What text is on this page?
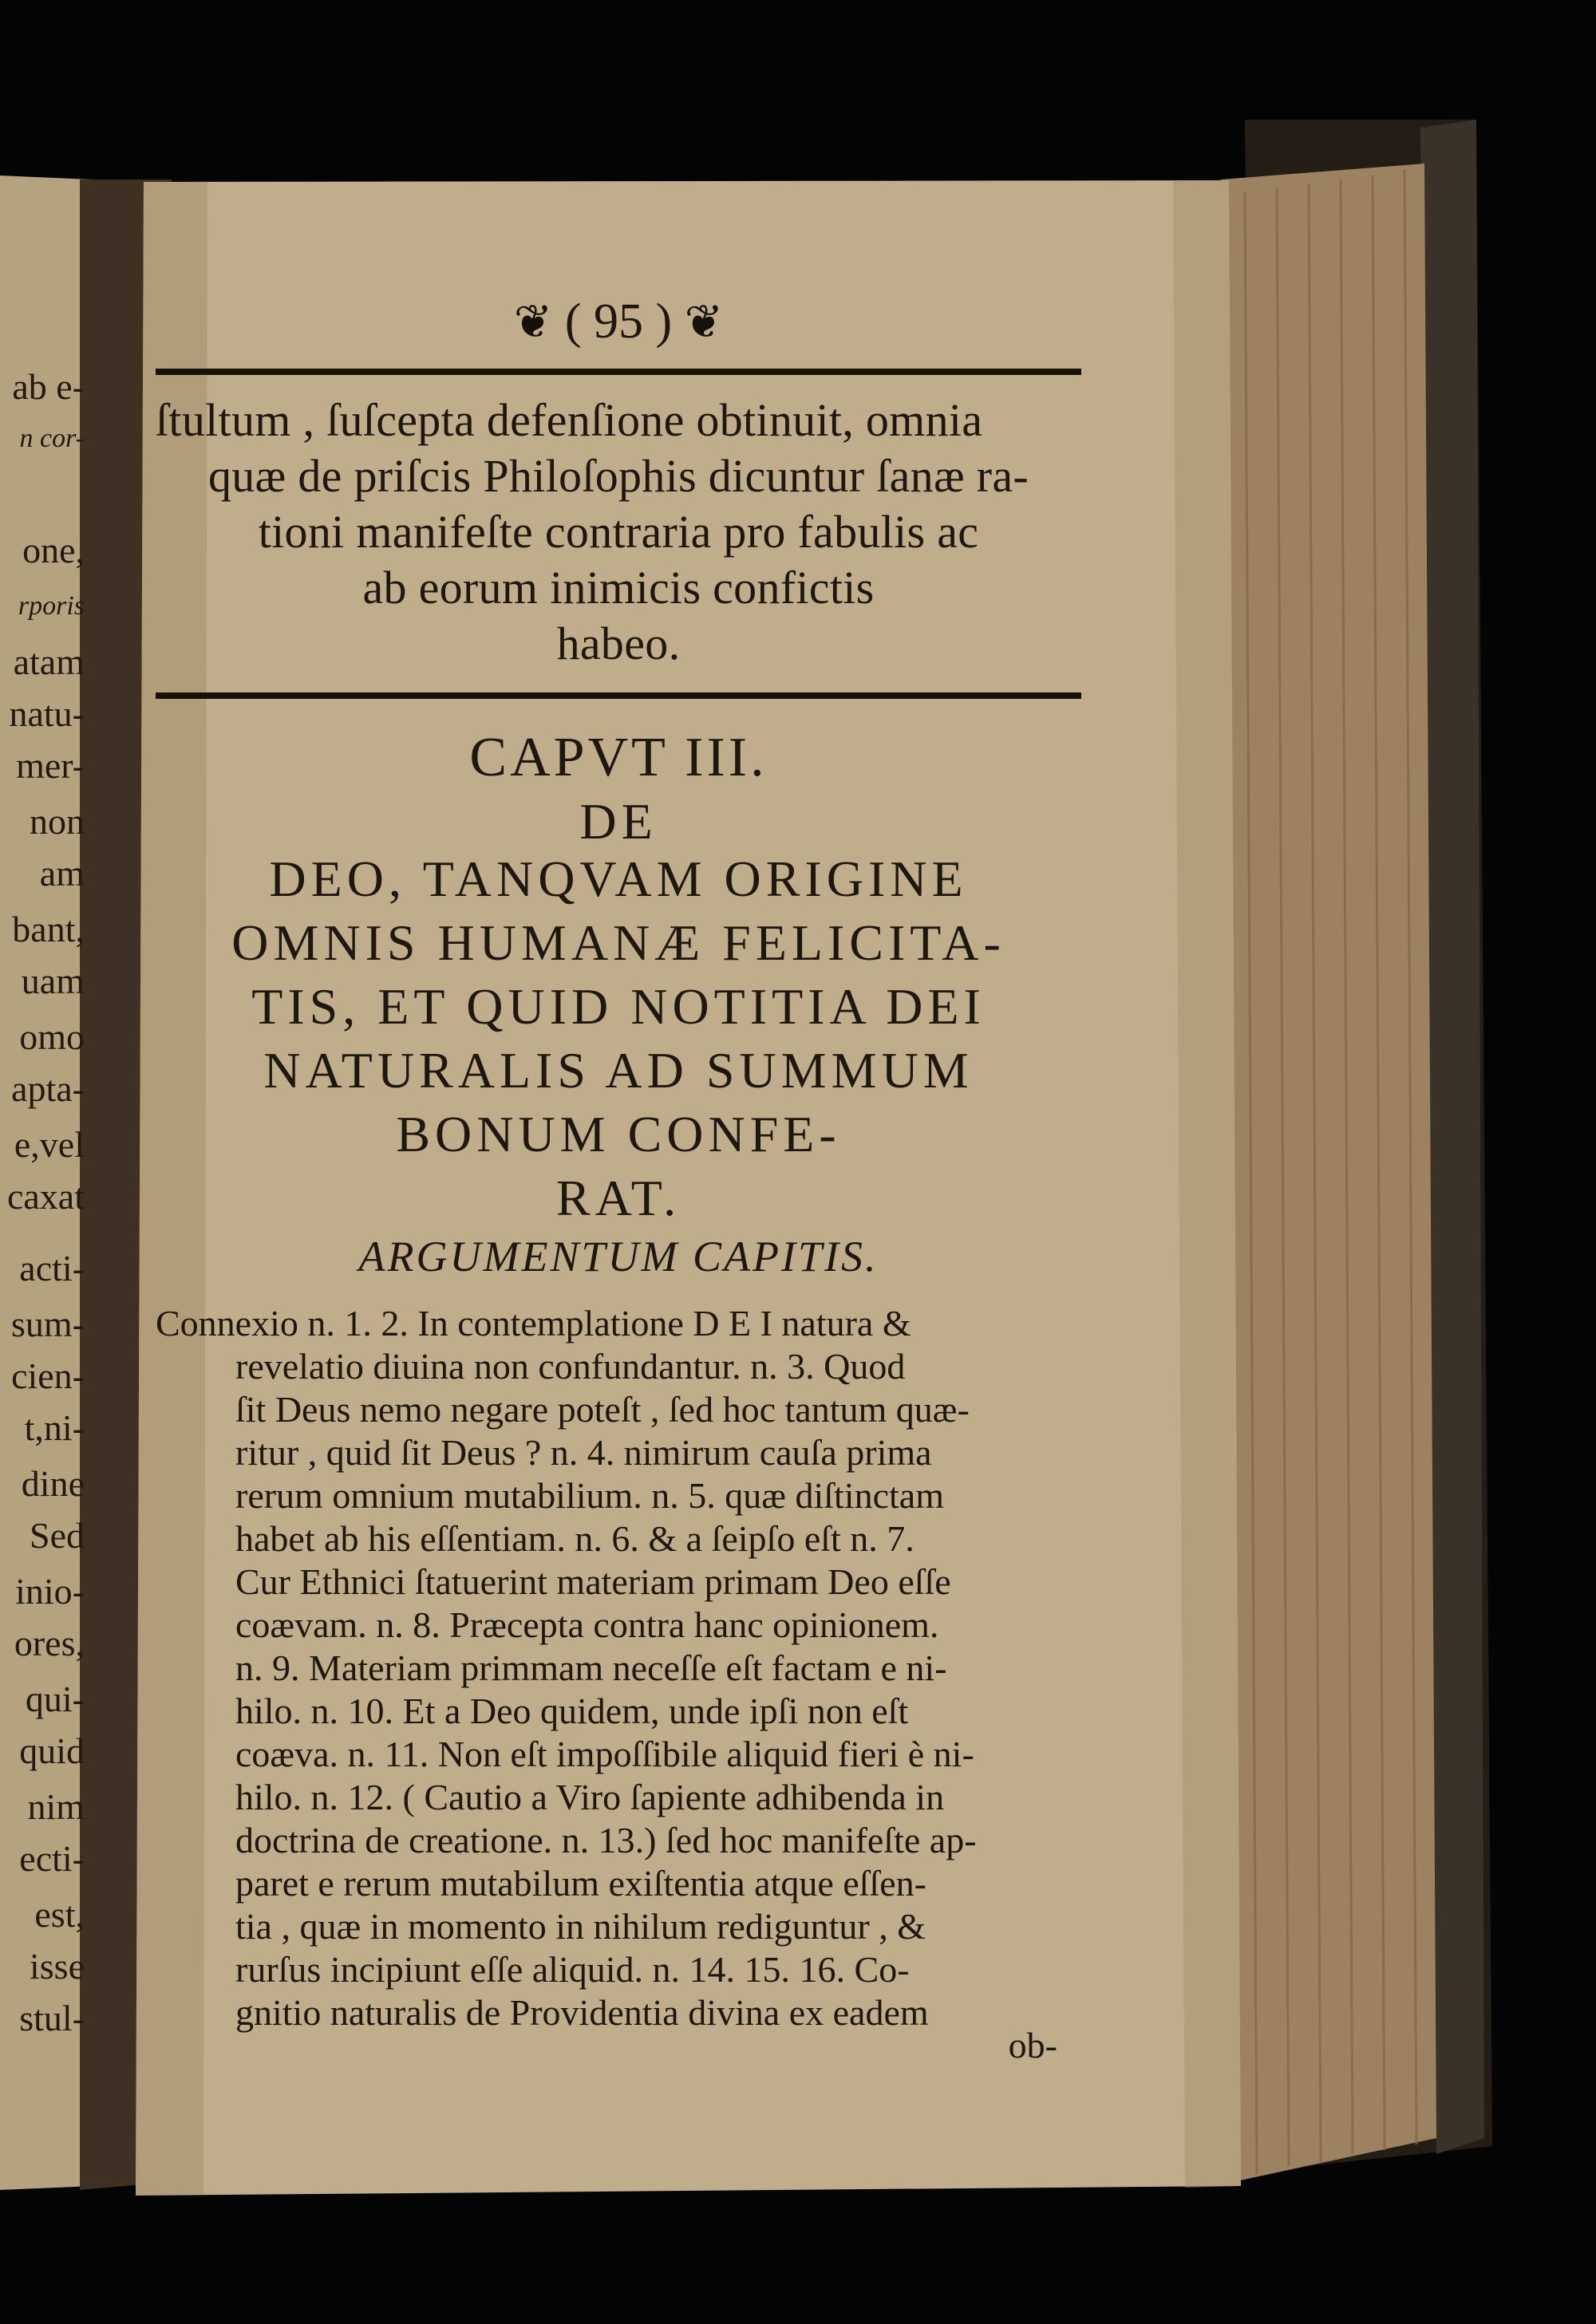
ab e-
n cor-
one,
rporis
atam
natu-
mer-
non
am
bant,
uam
omo
apta-
e,vel
caxat
acti-
sum-
cien-
t,ni-
dine
Sed
inio-
ores,
qui-
quid
nim
ecti-
est,
isse
stul-
❦ ( 95 ) ❦
ſtultum , ſuſcepta defenſione obtinuit, omnia
quæ de priſcis Philoſophis dicuntur ſanæ ra-
tioni manifeſte contraria pro fabulis ac
ab eorum inimicis confictis
habeo.
CAPVT III.
DE
DEO, TANQVAM ORIGINE
OMNIS HUMANÆ FELICITA-
TIS, ET QUID NOTITIA DEI
NATURALIS AD SUMMUM
BONUM CONFE-
RAT.
ARGUMENTUM CAPITIS.
Connexio n. 1. 2. In contemplatione D E I natura &
revelatio diuina non confundantur. n. 3. Quod
ſit Deus nemo negare poteſt , ſed hoc tantum quæ-
ritur , quid ſit Deus ? n. 4. nimirum cauſa prima
rerum omnium mutabilium. n. 5. quæ diſtinctam
habet ab his eſſentiam. n. 6. & a ſeipſo eſt n. 7.
Cur Ethnici ſtatuerint materiam primam Deo eſſe
coævam. n. 8. Præcepta contra hanc opinionem.
n. 9. Materiam primmam neceſſe eſt factam e ni-
hilo. n. 10. Et a Deo quidem, unde ipſi non eſt
coæva. n. 11. Non eſt impoſſibile aliquid fieri è ni-
hilo. n. 12. ( Cautio a Viro ſapiente adhibenda in
doctrina de creatione. n. 13.) ſed hoc manifeſte ap-
paret e rerum mutabilum exiſtentia atque eſſen-
tia , quæ in momento in nihilum rediguntur , &
rurſus incipiunt eſſe aliquid. n. 14. 15. 16. Co-
gnitio naturalis de Providentia divina ex eadem
ob-
